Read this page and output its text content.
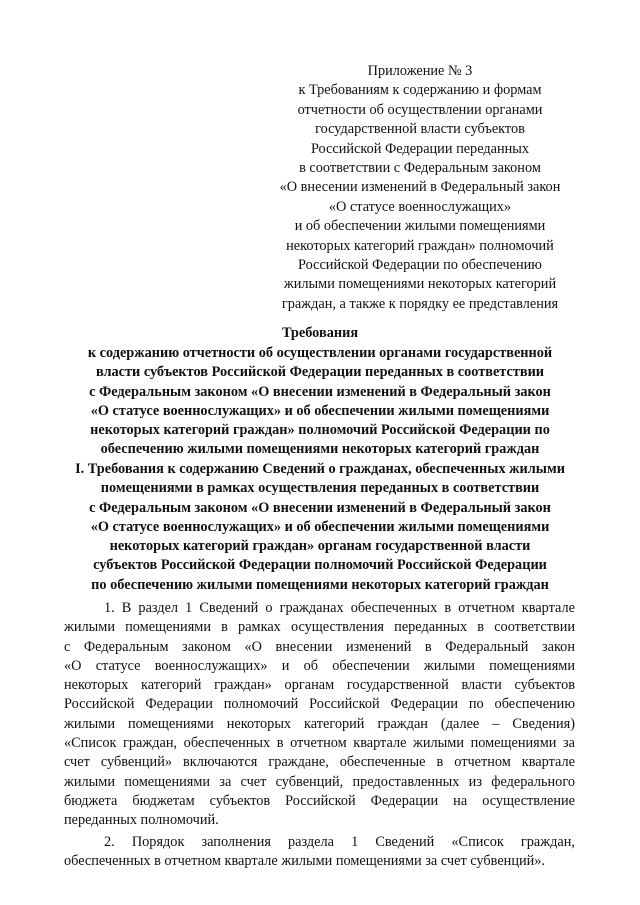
Приложение № 3
к Требованиям к содержанию и формам
отчетности об осуществлении органами
государственной власти субъектов
Российской Федерации переданных
в соответствии с Федеральным законом
«О внесении изменений в Федеральный закон
«О статусе военнослужащих»
и об обеспечении жилыми помещениями
некоторых категорий граждан» полномочий
Российской Федерации по обеспечению
жилыми помещениями некоторых категорий
граждан, а также к порядку ее представления
Требования
к содержанию отчетности об осуществлении органами государственной
власти субъектов Российской Федерации переданных в соответствии
с Федеральным законом «О внесении изменений в Федеральный закон
«О статусе военнослужащих» и об обеспечении жилыми помещениями
некоторых категорий граждан» полномочий Российской Федерации по
обеспечению жилыми помещениями некоторых категорий граждан
I. Требования к содержанию Сведений о гражданах, обеспеченных жилыми
помещениями в рамках осуществления переданных в соответствии
с Федеральным законом «О внесении изменений в Федеральный закон
«О статусе военнослужащих» и об обеспечении жилыми помещениями
некоторых категорий граждан» органам государственной власти
субъектов Российской Федерации полномочий Российской Федерации
по обеспечению жилыми помещениями некоторых категорий граждан
1. В раздел 1 Сведений о гражданах обеспеченных в отчетном квартале
жилыми помещениями в рамках осуществления переданных в соответствии
с Федеральным законом «О внесении изменений в Федеральный закон
«О статусе военнослужащих» и об обеспечении жилыми помещениями
некоторых категорий граждан» органам государственной власти субъектов
Российской Федерации полномочий Российской Федерации по обеспечению
жилыми помещениями некоторых категорий граждан (далее – Сведения)
«Список граждан, обеспеченных в отчетном квартале жилыми помещениями за
счет субвенций» включаются граждане, обеспеченные в отчетном квартале
жилыми помещениями за счет субвенций, предоставленных из федерального
бюджета бюджетам субъектов Российской Федерации на осуществление
переданных полномочий.
2. Порядок заполнения раздела 1 Сведений «Список граждан,
обеспеченных в отчетном квартале жилыми помещениями за счет субвенций».
